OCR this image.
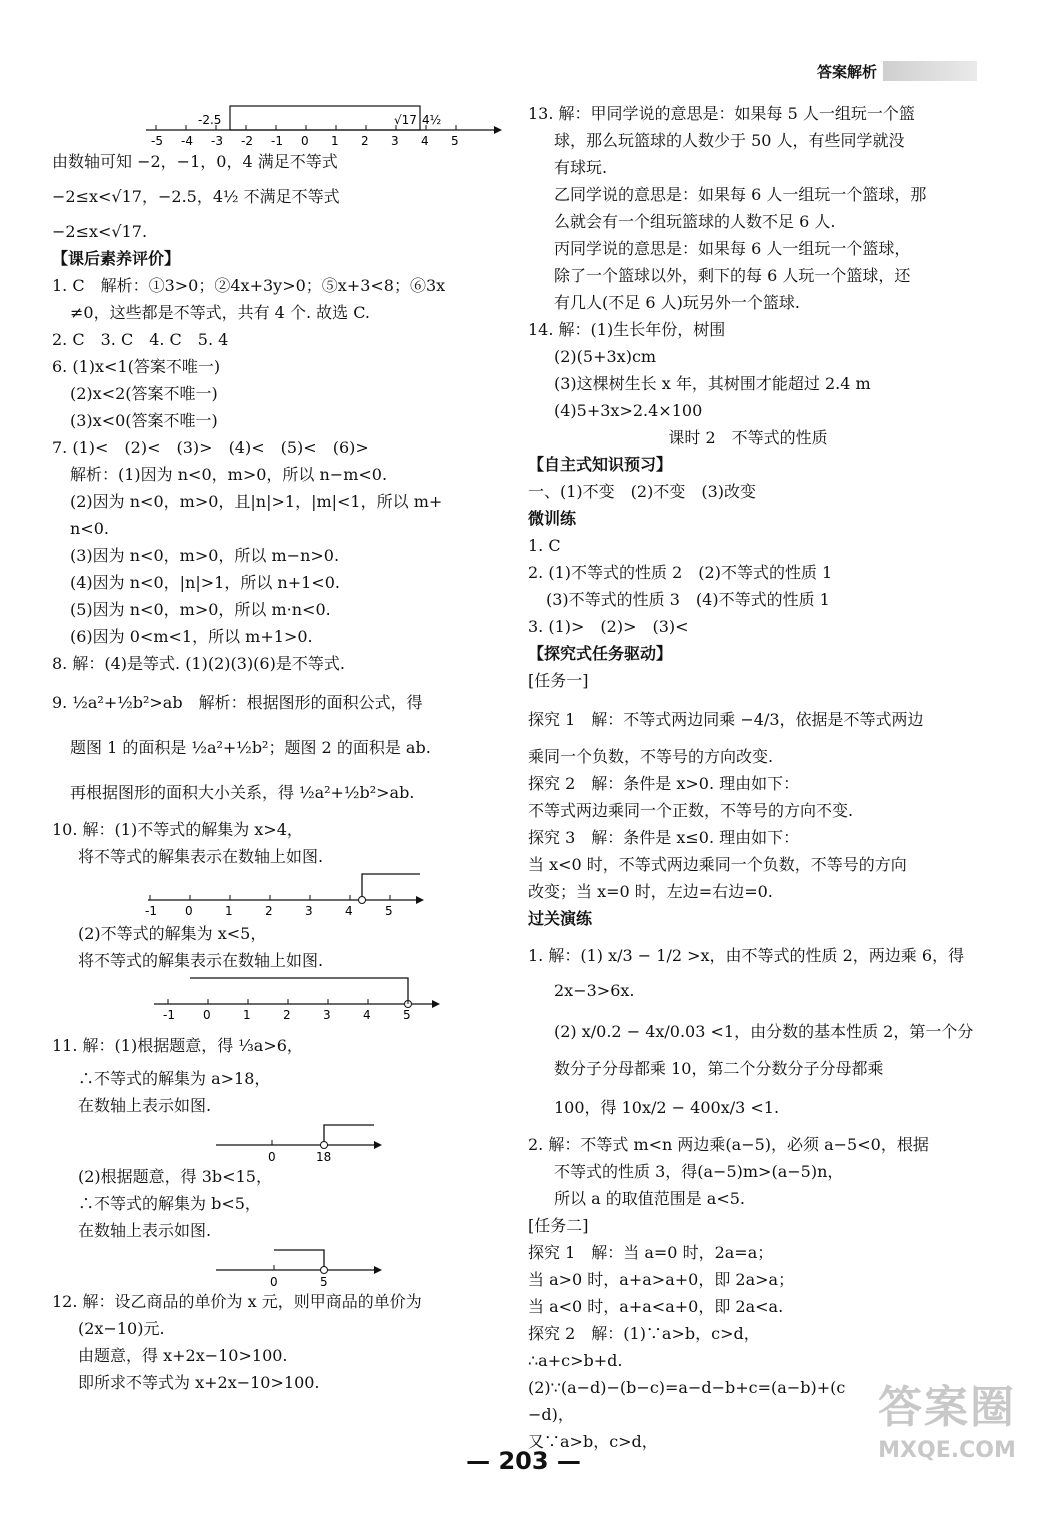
答案解析
-5 -4 -3 -2 -1 0 1 2 3 4 5
-2.5	√17 4½
由数轴可知 −2，−1，0，4 满足不等式
−2≤x<√17，−2.5，4½ 不满足不等式
−2≤x<√17.
【课后素养评价】
1. C　解析：①3>0；②4x+3y>0；⑤x+3<8；⑥3x
≠0，这些都是不等式，共有 4 个. 故选 C.
2. C　3. C　4. C　5. 4
6. (1)x<1(答案不唯一)
(2)x<2(答案不唯一)
(3)x<0(答案不唯一)
7. (1)<　(2)<　(3)>　(4)<　(5)<　(6)>
解析：(1)因为 n<0，m>0，所以 n−m<0.
(2)因为 n<0，m>0，且|n|>1，|m|<1，所以 m+
n<0.
(3)因为 n<0，m>0，所以 m−n>0.
(4)因为 n<0，|n|>1，所以 n+1<0.
(5)因为 n<0，m>0，所以 m·n<0.
(6)因为 0<m<1，所以 m+1>0.
8. 解：(4)是等式. (1)(2)(3)(6)是不等式.
9. ½a²+½b²>ab　解析：根据图形的面积公式，得
题图 1 的面积是 ½a²+½b²；题图 2 的面积是 ab.
再根据图形的面积大小关系，得 ½a²+½b²>ab.
10. 解：(1)不等式的解集为 x>4，
将不等式的解集表示在数轴上如图.
-1 0	1	2	3	4	5
(2)不等式的解集为 x<5，
将不等式的解集表示在数轴上如图.
-1 0	1	2	3	4	5
11. 解：(1)根据题意，得 ⅓a>6，
∴不等式的解集为 a>18，
在数轴上表示如图.
0	18
(2)根据题意，得 3b<15，
∴不等式的解集为 b<5，
在数轴上表示如图.
0	5
12. 解：设乙商品的单价为 x 元，则甲商品的单价为
(2x−10)元.
由题意，得 x+2x−10>100.
即所求不等式为 x+2x−10>100.
13. 解：甲同学说的意思是：如果每 5 人一组玩一个篮
球，那么玩篮球的人数少于 50 人，有些同学就没
有球玩.
乙同学说的意思是：如果每 6 人一组玩一个篮球，那
么就会有一个组玩篮球的人数不足 6 人.
丙同学说的意思是：如果每 6 人一组玩一个篮球，
除了一个篮球以外，剩下的每 6 人玩一个篮球，还
有几人(不足 6 人)玩另外一个篮球.
14. 解：(1)生长年份，树围
(2)(5+3x)cm
(3)这棵树生长 x 年，其树围才能超过 2.4 m
(4)5+3x>2.4×100
课时 2　不等式的性质
【自主式知识预习】
一、(1)不变　(2)不变　(3)改变
微训练
1. C
2. (1)不等式的性质 2　(2)不等式的性质 1
(3)不等式的性质 3　(4)不等式的性质 1
3. (1)>　(2)>　(3)<
【探究式任务驱动】
[任务一]
探究 1　解：不等式两边同乘 −4/3，依据是不等式两边
乘同一个负数，不等号的方向改变.
探究 2　解：条件是 x>0. 理由如下：
不等式两边乘同一个正数，不等号的方向不变.
探究 3　解：条件是 x≤0. 理由如下：
当 x<0 时，不等式两边乘同一个负数，不等号的方向
改变；当 x=0 时，左边=右边=0.
过关演练
1. 解：(1) x/3 − 1/2 >x，由不等式的性质 2，两边乘 6，得
2x−3>6x.
(2) x/0.2 − 4x/0.03 <1，由分数的基本性质 2，第一个分
数分子分母都乘 10，第二个分数分子分母都乘
100，得 10x/2 − 400x/3 <1.
2. 解：不等式 m<n 两边乘(a−5)，必须 a−5<0，根据
不等式的性质 3，得(a−5)m>(a−5)n，
所以 a 的取值范围是 a<5.
[任务二]
探究 1　解：当 a=0 时，2a=a；
当 a>0 时，a+a>a+0，即 2a>a；
当 a<0 时，a+a<a+0，即 2a<a.
探究 2　解：(1)∵a>b，c>d，
∴a+c>b+d.
(2)∵(a−d)−(b−c)=a−d−b+c=(a−b)+(c
−d)，
又∵a>b，c>d，
— 203 —
答案圈
MXQE.COM
